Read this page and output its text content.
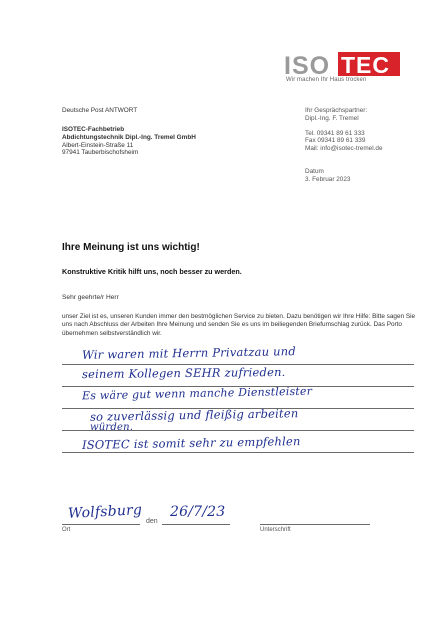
ISO TEC
Wir machen Ihr Haus trocken
Deutsche Post ANTWORT
ISOTEC-Fachbetrieb
Abdichtungstechnik Dipl.-Ing. Tremel GmbH
Albert-Einstein-Straße 11
97941 Tauberbischofsheim
Ihr Gesprächspartner:
Dipl.-Ing. F. Tremel
Tel. 09341 89 61 333
Fax 09341 89 61 339
Mail: info@isotec-tremel.de
Datum
3. Februar 2023
Ihre Meinung ist uns wichtig!
Konstruktive Kritik hilft uns, noch besser zu werden.
Sehr geehrte/r Herr
unser Ziel ist es, unseren Kunden immer den bestmöglichen Service zu bieten. Dazu benötigen wir Ihre Hilfe: Bitte sagen Sie uns nach Abschluss der Arbeiten Ihre Meinung und senden Sie es uns im beiliegenden Briefumschlag zurück. Das Porto übernehmen selbstverständlich wir.
Wir waren mit Herrn Privatzau und
seinem Kollegen SEHR zufrieden.
Es wäre gut wenn manche Dienstleister
so zuverlässig und fleißig arbeiten
würden.
ISOTEC ist somit sehr zu empfehlen
Wolfsburg
Ort
den
26/7/23
Unterschrift
